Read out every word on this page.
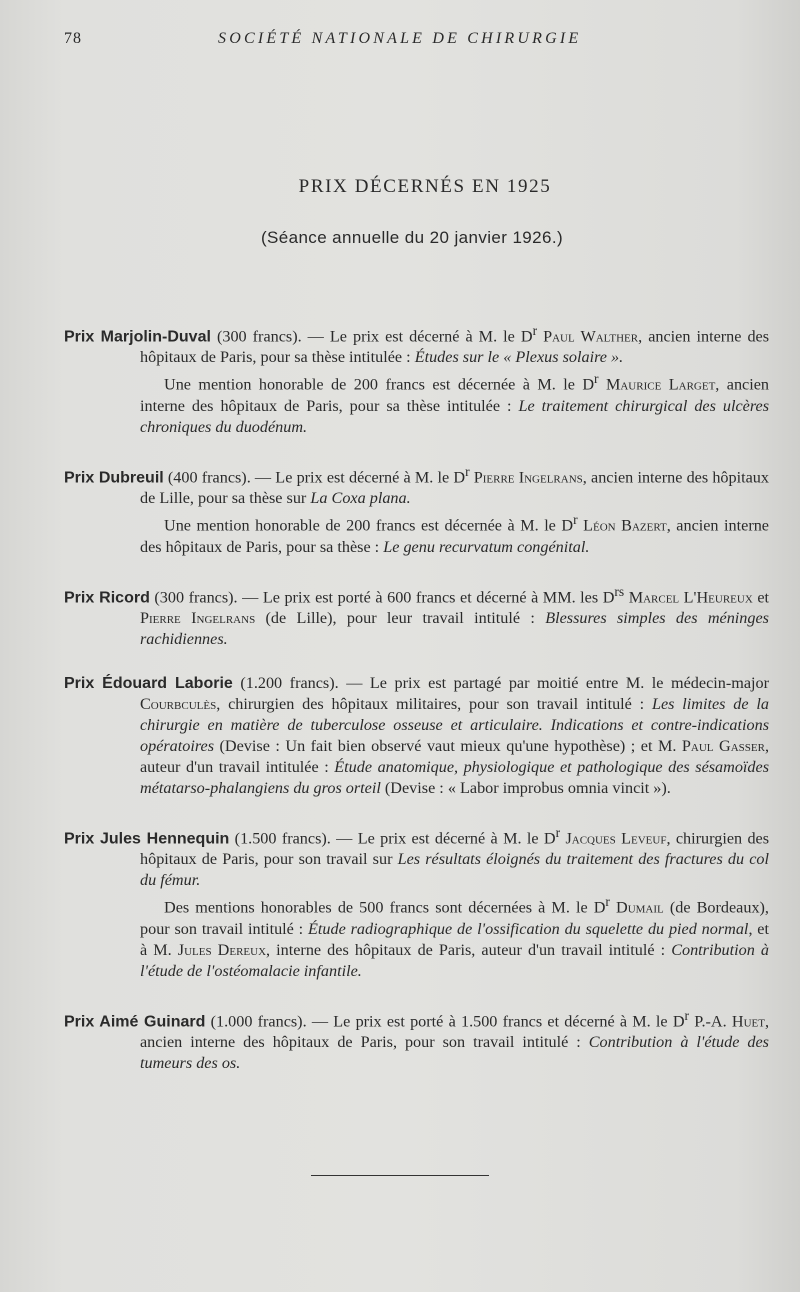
78	SOCIÉTÉ NATIONALE DE CHIRURGIE
PRIX DÉCERNÉS EN 1925
(Séance annuelle du 20 janvier 1926.)

Prix Marjolin-Duval (300 francs). — Le prix est décerné à M. le $D^r$ Paul Walther, ancien interne des hôpitaux de Paris, pour sa thèse intitulée : Études sur le « Plexus solaire ».

Une mention honorable de 200 francs est décernée à M. le $D^r$ Maurice Larget, ancien interne des hôpitaux de Paris, pour sa thèse intitulée : Le traitement chirurgical des ulcères chroniques du duodénum.

Prix Dubreuil (400 francs). — Le prix est décerné à M. le $D^r$ Pierre Ingelrans, ancien interne des hôpitaux de Lille, pour sa thèse sur La Coxa plana.

Une mention honorable de 200 francs est décernée à M. le $D^r$ Léon Bazert, ancien interne des hôpitaux de Paris, pour sa thèse : Le genu recurvatum congénital.

Prix Ricord (300 francs). — Le prix est porté à 600 francs et décerné à MM. les $D^{rs}$ Marcel L'Heureux et Pierre Ingelrans (de Lille), pour leur travail intitulé : Blessures simples des méninges rachidiennes.

Prix Édouard Laborie (1.200 francs). — Le prix est partagé par moitié entre M. le médecin-major Courbculès, chirurgien des hôpitaux militaires, pour son travail intitulé : Les limites de la chirurgie en matière de tuberculose osseuse et articulaire. Indications et contre-indications opératoires (Devise : Un fait bien observé vaut mieux qu'une hypothèse) ; et M. Paul Gasser, auteur d'un travail intitulée : Étude anatomique, physiologique et pathologique des sésamoïdes métatarso-phalangiens du gros orteil (Devise : « Labor improbus omnia vincit »).

Prix Jules Hennequin (1.500 francs). — Le prix est décerné à M. le $D^r$ Jacques Leveuf, chirurgien des hôpitaux de Paris, pour son travail sur Les résultats éloignés du traitement des fractures du col du fémur.

Des mentions honorables de 500 francs sont décernées à M. le $D^r$ Dumail (de Bordeaux), pour son travail intitulé : Étude radiographique de l'ossification du squelette du pied normal, et à M. Jules Dereux, interne des hôpitaux de Paris, auteur d'un travail intitulé : Contribution à l'étude de l'ostéomalacie infantile.

Prix Aimé Guinard (1.000 francs). — Le prix est porté à 1.500 francs et décerné à M. le $D^r$ P.-A. Huet, ancien interne des hôpitaux de Paris, pour son travail intitulé : Contribution à l'étude des tumeurs des os.
